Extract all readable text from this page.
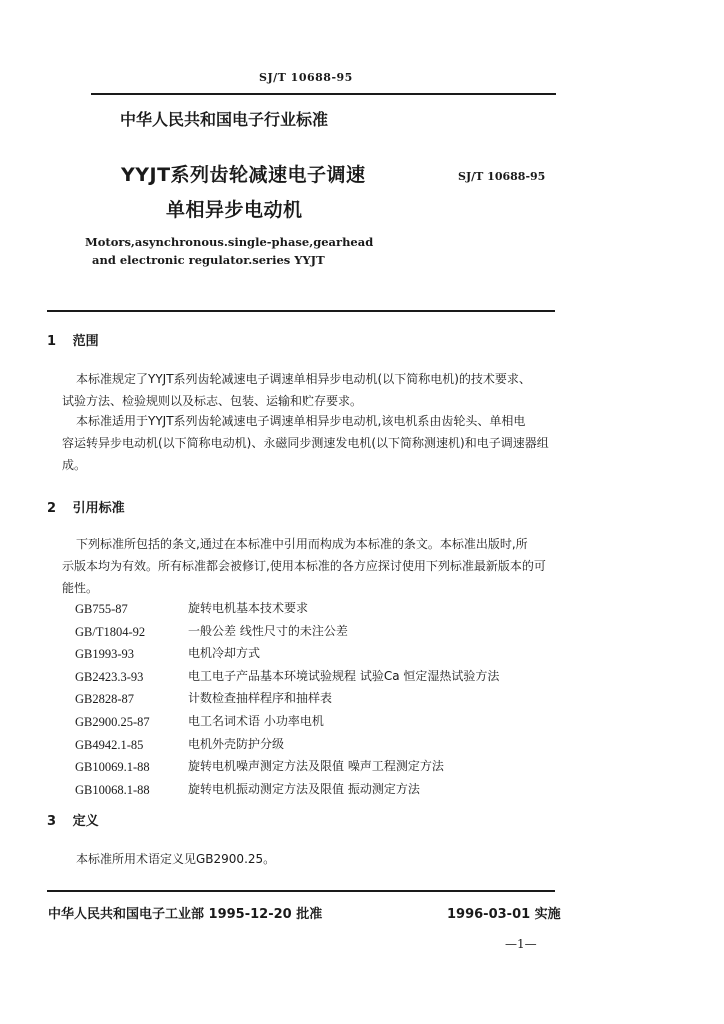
SJ/T 10688-95
中华人民共和国电子行业标准
YYJT系列齿轮减速电子调速	SJ/T 10688-95
单相异步电动机
Motors,asynchronous.single-phase,gearhead
and electronic regulator.series YYJT
1 范围
本标准规定了YYJT系列齿轮减速电子调速单相异步电动机(以下简称电机)的技术要求、
试验方法、检验规则以及标志、包装、运输和贮存要求。
本标准适用于YYJT系列齿轮减速电子调速单相异步电动机,该电机系由齿轮头、单相电
容运转异步电动机(以下简称电动机)、永磁同步测速发电机(以下简称测速机)和电子调速器组
成。
2 引用标准
下列标准所包括的条文,通过在本标准中引用而构成为本标准的条文。本标准出版时,所
示版本均为有效。所有标准都会被修订,使用本标准的各方应探讨使用下列标准最新版本的可
能性。
GB755-87	旋转电机基本技术要求
GB/T1804-92	一般公差 线性尺寸的未注公差
GB1993-93	电机冷却方式
GB2423.3-93	电工电子产品基本环境试验规程 试验Ca 恒定湿热试验方法
GB2828-87	计数检查抽样程序和抽样表
GB2900.25-87	电工名词术语 小功率电机
GB4942.1-85	电机外壳防护分级
GB10069.1-88	旋转电机噪声测定方法及限值 噪声工程测定方法
GB10068.1-88	旋转电机振动测定方法及限值 振动测定方法
3 定义
本标准所用术语定义见GB2900.25。
中华人民共和国电子工业部 1995-12-20 批准	1996-03-01 实施
—1—
